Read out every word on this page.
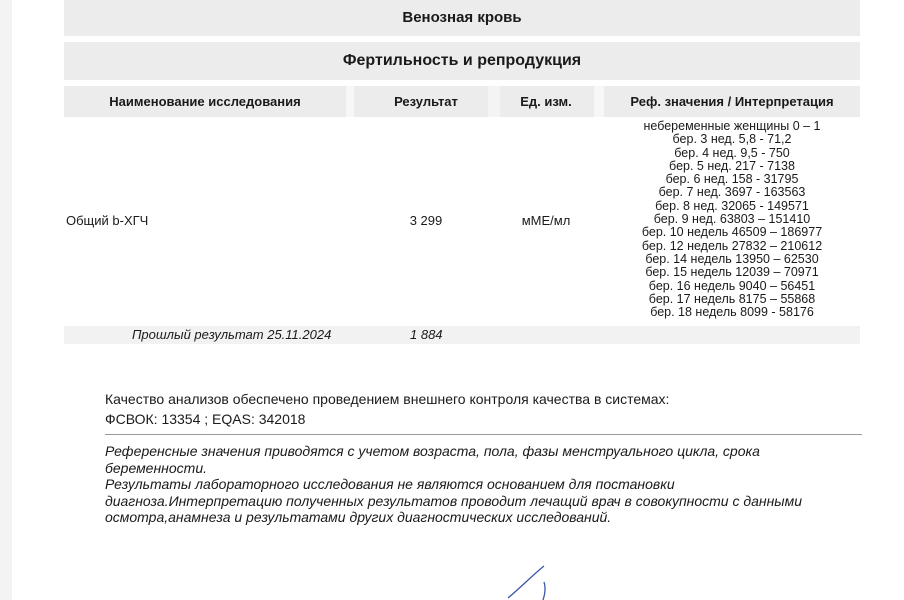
Венозная кровь
Фертильность и репродукция
Наименование исследования	Результат	Ед. изм.	Реф. значения / Интерпретация
Общий b-ХГЧ	3 299	мМЕ/мл
небеременные женщины 0 – 1
бер. 3 нед. 5,8 - 71,2
бер. 4 нед. 9,5 - 750
бер. 5 нед. 217 - 7138
бер. 6 нед. 158 - 31795
бер. 7 нед. 3697 - 163563
бер. 8 нед. 32065 - 149571
бер. 9 нед. 63803 – 151410
бер. 10 недель 46509 – 186977
бер. 12 недель 27832 – 210612
бер. 14 недель 13950 – 62530
бер. 15 недель 12039 – 70971
бер. 16 недель 9040 – 56451
бер. 17 недель 8175 – 55868
бер. 18 недель 8099 - 58176
Прошлый результат 25.11.2024	1 884
Качество анализов обеспечено проведением внешнего контроля качества в системах:
ФСВОК: 13354 ; EQAS: 342018

Референсные значения приводятся с учетом возраста, пола, фазы менструального цикла, срока беременности.

Результаты лабораторного исследования не являются основанием для постановки диагноза.Интерпретацию полученных результатов проводит лечащий врач в совокупности с данными осмотра,анамнеза и результатами других диагностических исследований.
